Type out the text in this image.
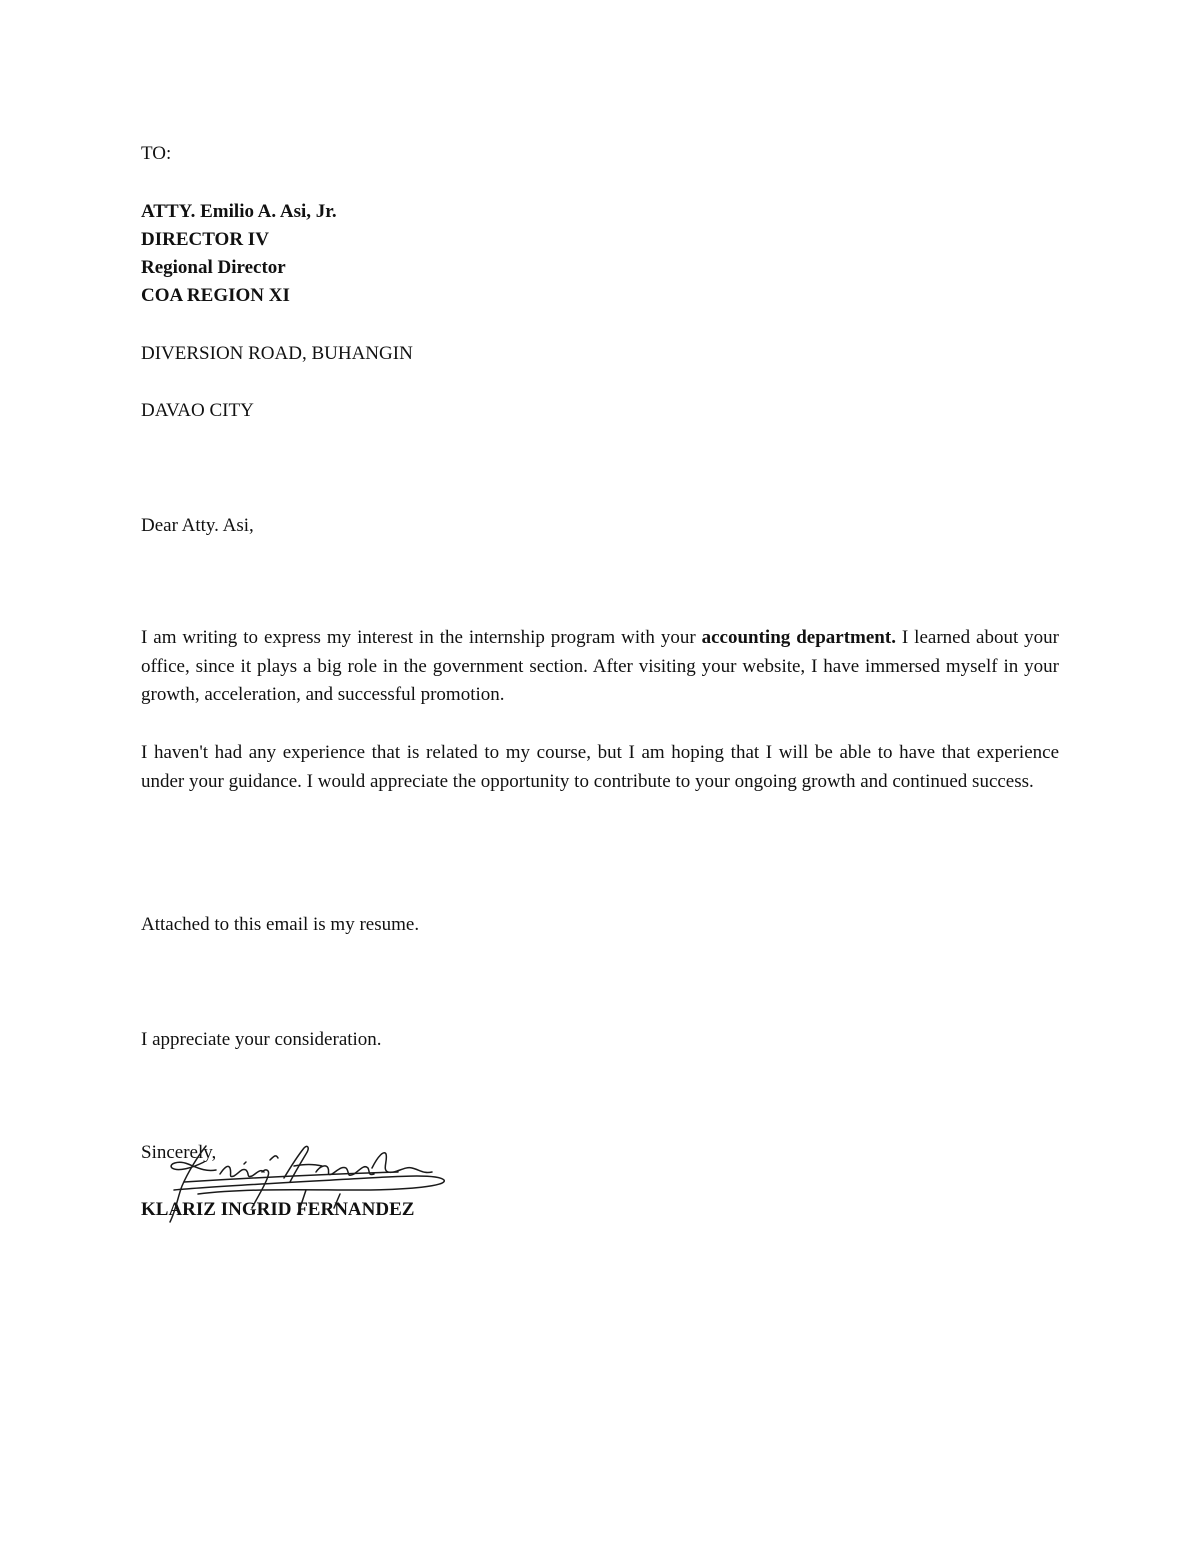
TO:

ATTY. Emilio A. Asi, Jr.

DIRECTOR IV

Regional Director

COA REGION XI

DIVERSION ROAD, BUHANGIN

DAVAO CITY

Dear Atty. Asi,

I am writing to express my interest in the internship program with your accounting department. I learned about your office, since it plays a big role in the government section. After visiting your website, I have immersed myself in your growth, acceleration, and successful promotion.

I haven't had any experience that is related to my course, but I am hoping that I will be able to have that experience under your guidance. I would appreciate the opportunity to contribute to your ongoing growth and continued success.

Attached to this email is my resume.

I appreciate your consideration.

Sincerely,

KLARIZ INGRID FERNANDEZ
